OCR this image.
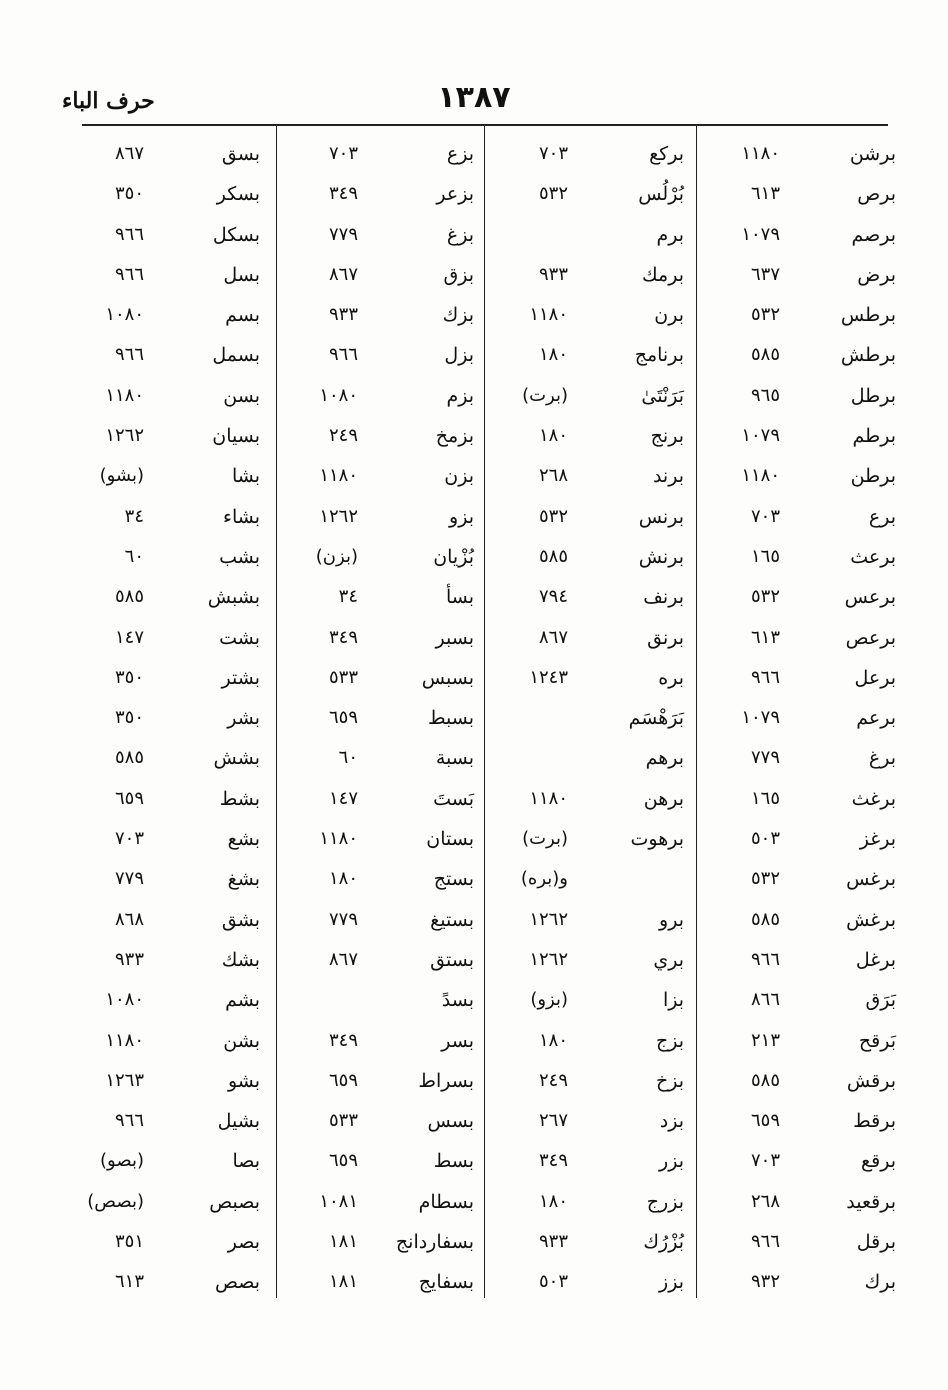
١٣٨٧
حرف الباء
برشن
١١٨٠
برص
٦١٣
برصم
١٠٧٩
برض
٦٣٧
برطس
٥٣٢
برطش
٥٨٥
برطل
٩٦٥
برطم
١٠٧٩
برطن
١١٨٠
برع
٧٠٣
برعث
١٦٥
برعس
٥٣٢
برعص
٦١٣
برعل
٩٦٦
برعم
١٠٧٩
برغ
٧٧٩
برغث
١٦٥
برغز
٥٠٣
برغس
٥٣٢
برغش
٥٨٥
برغل
٩٦٦
بَرَق
٨٦٦
بَرقح
٢١٣
برقش
٥٨٥
برقط
٦٥٩
برقع
٧٠٣
برقعيد
٢٦٨
برقل
٩٦٦
برك
٩٣٢
بركع
٧٠٣
بُرْلُس
٥٣٢
برم
برمك
٩٣٣
برن
١١٨٠
برنامج
١٨٠
بَرَنْتَىٰ
(برت)
برنج
١٨٠
برند
٢٦٨
برنس
٥٣٢
برنش
٥٨٥
برنف
٧٩٤
برنق
٨٦٧
بره
١٢٤٣
بَرَهْسَم
برهم
برهن
١١٨٠
برهوت
(برت)
و(بره)
برو
١٢٦٢
بري
١٢٦٢
بزا
(بزو)
بزج
١٨٠
بزخ
٢٤٩
بزد
٢٦٧
بزر
٣٤٩
بزرج
١٨٠
بُزْرُك
٩٣٣
بزز
٥٠٣
بزع
٧٠٣
بزعر
٣٤٩
بزغ
٧٧٩
بزق
٨٦٧
بزك
٩٣٣
بزل
٩٦٦
بزم
١٠٨٠
بزمخ
٢٤٩
بزن
١١٨٠
بزو
١٢٦٢
بُزْيان
(بزن)
بسأ
٣٤
بسبر
٣٤٩
بسبس
٥٣٣
بسبط
٦٥٩
بسبة
٦٠
بَستَ
١٤٧
بستان
١١٨٠
بستج
١٨٠
بستيغ
٧٧٩
بستق
٨٦٧
بسدً
بسر
٣٤٩
بسراط
٦٥٩
بسس
٥٣٣
بسط
٦٥٩
بسطام
١٠٨١
بسفاردانج
١٨١
بسفايج
١٨١
بسق
٨٦٧
بسكر
٣٥٠
بسكل
٩٦٦
بسل
٩٦٦
بسم
١٠٨٠
بسمل
٩٦٦
بسن
١١٨٠
بسيان
١٢٦٢
بشا
(بشو)
بشاء
٣٤
بشب
٦٠
بشبش
٥٨٥
بشت
١٤٧
بشتر
٣٥٠
بشر
٣٥٠
بشش
٥٨٥
بشط
٦٥٩
بشع
٧٠٣
بشغ
٧٧٩
بشق
٨٦٨
بشك
٩٣٣
بشم
١٠٨٠
بشن
١١٨٠
بشو
١٢٦٣
بشيل
٩٦٦
بصا
(بصو)
بصبص
(بصص)
بصر
٣٥١
بصص
٦١٣
